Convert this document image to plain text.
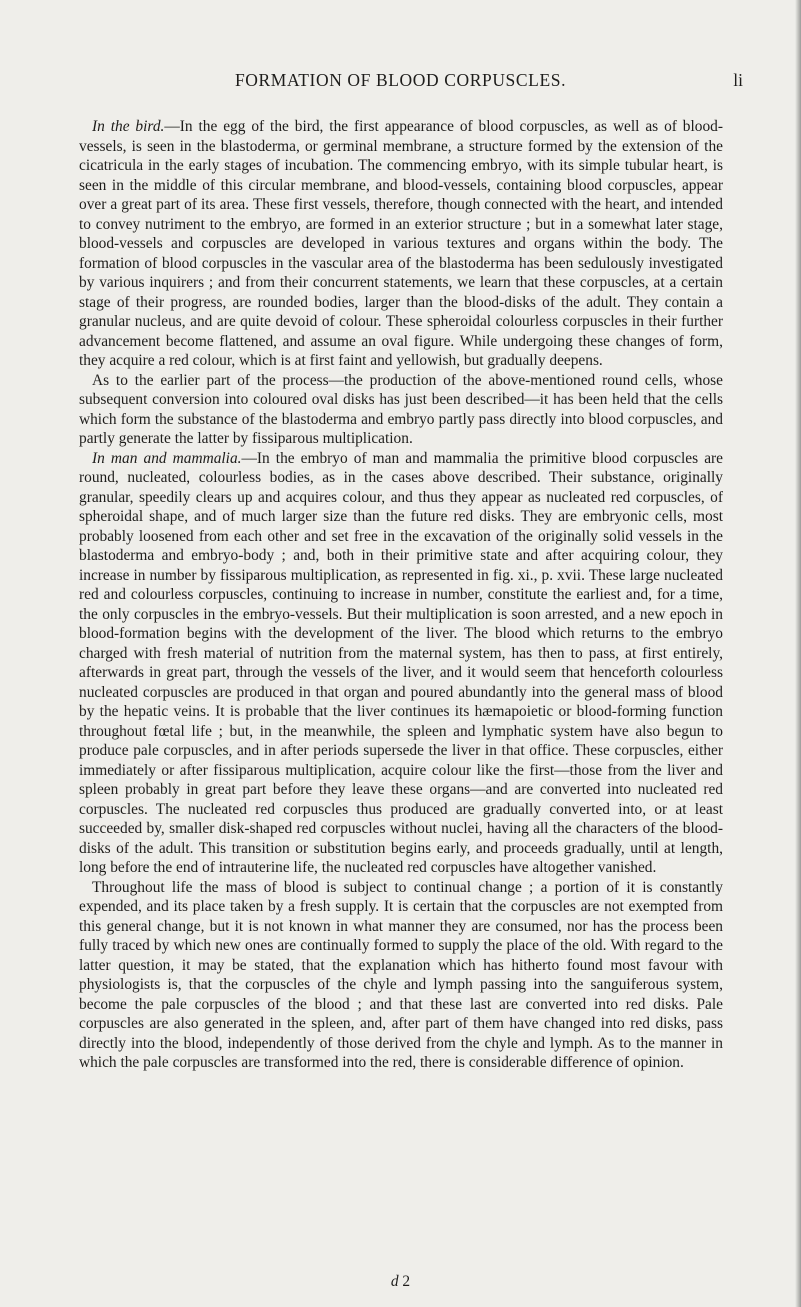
FORMATION OF BLOOD CORPUSCLES.	li

In the bird.—In the egg of the bird, the first appearance of blood corpuscles, as well as of blood-vessels, is seen in the blastoderma, or germinal membrane, a structure formed by the extension of the cicatricula in the early stages of incubation. The commencing embryo, with its simple tubular heart, is seen in the middle of this circular membrane, and blood-vessels, containing blood corpuscles, appear over a great part of its area. These first vessels, therefore, though connected with the heart, and intended to convey nutriment to the embryo, are formed in an exterior structure ; but in a somewhat later stage, blood-vessels and corpuscles are developed in various textures and organs within the body. The formation of blood corpuscles in the vascular area of the blastoderma has been sedulously investigated by various inquirers ; and from their concurrent statements, we learn that these corpuscles, at a certain stage of their progress, are rounded bodies, larger than the blood-disks of the adult. They contain a granular nucleus, and are quite devoid of colour. These spheroidal colourless corpuscles in their further advancement become flattened, and assume an oval figure. While undergoing these changes of form, they acquire a red colour, which is at first faint and yellowish, but gradually deepens.

As to the earlier part of the process—the production of the above-mentioned round cells, whose subsequent conversion into coloured oval disks has just been described—it has been held that the cells which form the substance of the blastoderma and embryo partly pass directly into blood corpuscles, and partly generate the latter by fissiparous multiplication.

In man and mammalia.—In the embryo of man and mammalia the primitive blood corpuscles are round, nucleated, colourless bodies, as in the cases above described. Their substance, originally granular, speedily clears up and acquires colour, and thus they appear as nucleated red corpuscles, of spheroidal shape, and of much larger size than the future red disks. They are embryonic cells, most probably loosened from each other and set free in the excavation of the originally solid vessels in the blastoderma and embryo-body ; and, both in their primitive state and after acquiring colour, they increase in number by fissiparous multiplication, as represented in fig. xi., p. xvii. These large nucleated red and colourless corpuscles, continuing to increase in number, constitute the earliest and, for a time, the only corpuscles in the embryo-vessels. But their multiplication is soon arrested, and a new epoch in blood-formation begins with the development of the liver. The blood which returns to the embryo charged with fresh material of nutrition from the maternal system, has then to pass, at first entirely, afterwards in great part, through the vessels of the liver, and it would seem that henceforth colourless nucleated corpuscles are produced in that organ and poured abundantly into the general mass of blood by the hepatic veins. It is probable that the liver continues its hæmapoietic or blood-forming function throughout fœtal life ; but, in the meanwhile, the spleen and lymphatic system have also begun to produce pale corpuscles, and in after periods supersede the liver in that office. These corpuscles, either immediately or after fissiparous multiplication, acquire colour like the first—those from the liver and spleen probably in great part before they leave these organs—and are converted into nucleated red corpuscles. The nucleated red corpuscles thus produced are gradually converted into, or at least succeeded by, smaller disk-shaped red corpuscles without nuclei, having all the characters of the blood-disks of the adult. This transition or substitution begins early, and proceeds gradually, until at length, long before the end of intrauterine life, the nucleated red corpuscles have altogether vanished.

Throughout life the mass of blood is subject to continual change ; a portion of it is constantly expended, and its place taken by a fresh supply. It is certain that the corpuscles are not exempted from this general change, but it is not known in what manner they are consumed, nor has the process been fully traced by which new ones are continually formed to supply the place of the old. With regard to the latter question, it may be stated, that the explanation which has hitherto found most favour with physiologists is, that the corpuscles of the chyle and lymph passing into the sanguiferous system, become the pale corpuscles of the blood ; and that these last are converted into red disks. Pale corpuscles are also generated in the spleen, and, after part of them have changed into red disks, pass directly into the blood, independently of those derived from the chyle and lymph. As to the manner in which the pale corpuscles are transformed into the red, there is considerable difference of opinion.

d 2
